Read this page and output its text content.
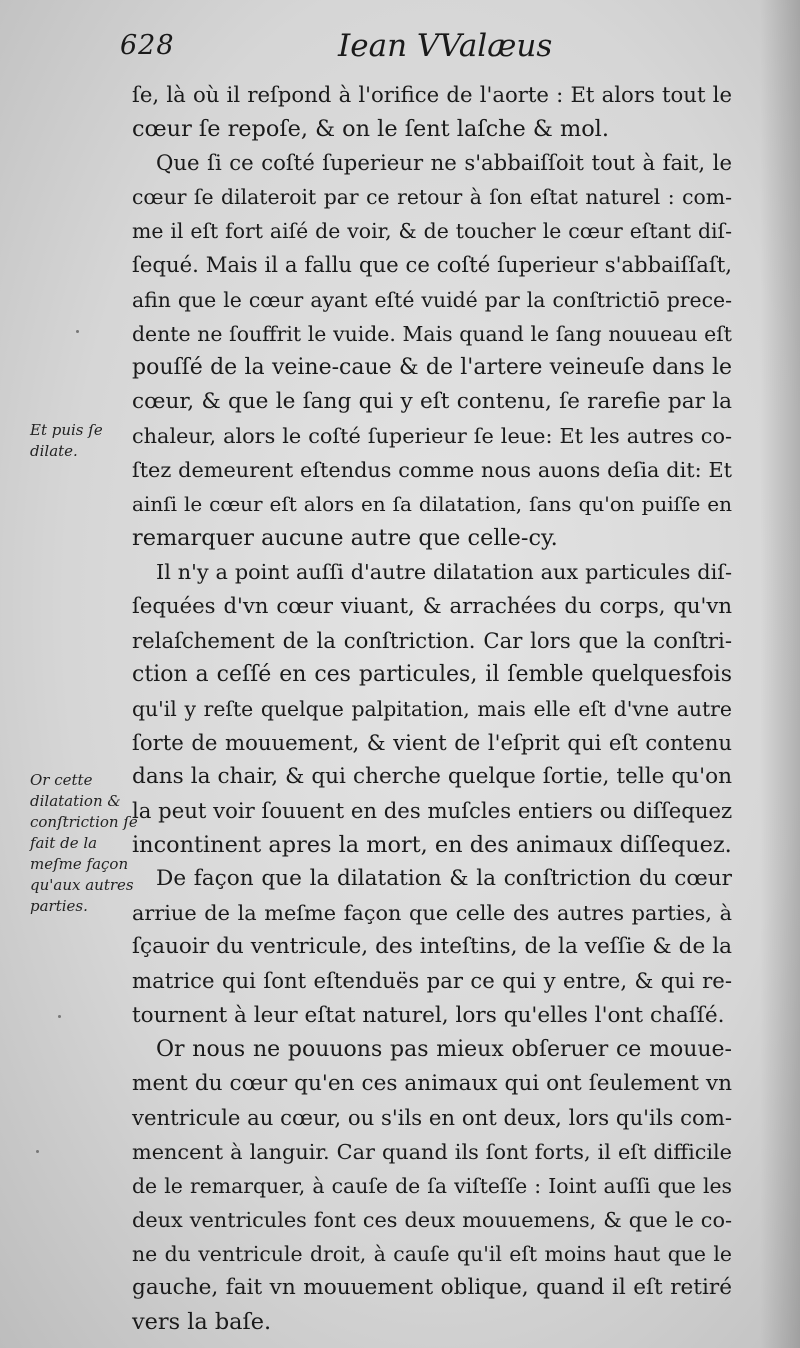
628	Iean VValæus
ſe, là où il reſpond à l'orifice de l'aorte : Et alors tout le
cœur ſe repoſe, & on le ſent laſche & mol.
Que ſi ce coſté ſuperieur ne s'abbaiſſoit tout à fait, le
cœur ſe dilateroit par ce retour à ſon eſtat naturel : com-
me il eſt fort aiſé de voir, & de toucher le cœur eſtant diſ-
ſequé. Mais il a fallu que ce coſté ſuperieur s'abbaiſſaſt,
afin que le cœur ayant eſté vuidé par la conſtrictiō prece-
dente ne ſouffrit le vuide. Mais quand le ſang nouueau eſt
pouſſé de la veine-caue & de l'artere veineuſe dans le
cœur, & que le ſang qui y eſt contenu, ſe rarefie par la
chaleur, alors le coſté ſuperieur ſe leue: Et les autres co-
ſtez demeurent eſtendus comme nous auons deſia dit: Et
ainſi le cœur eſt alors en ſa dilatation, ſans qu'on puiſſe en
remarquer aucune autre que celle-cy.
Il n'y a point auſſi d'autre dilatation aux particules diſ-
ſequées d'vn cœur viuant, & arrachées du corps, qu'vn
relaſchement de la conſtriction. Car lors que la conſtri-
ction a ceſſé en ces particules, il ſemble quelquesfois
qu'il y reſte quelque palpitation, mais elle eſt d'vne autre
ſorte de mouuement, & vient de l'eſprit qui eſt contenu
dans la chair, & qui cherche quelque ſortie, telle qu'on
la peut voir ſouuent en des muſcles entiers ou diſſequez
incontinent apres la mort, en des animaux diſſequez.
De façon que la dilatation & la conſtriction du cœur
arriue de la meſme façon que celle des autres parties, à
ſçauoir du ventricule, des inteſtins, de la veſſie & de la
matrice qui ſont eſtenduës par ce qui y entre, & qui re-
tournent à leur eſtat naturel, lors qu'elles l'ont chaſſé.
Or nous ne pouuons pas mieux obſeruer ce mouue-
ment du cœur qu'en ces animaux qui ont ſeulement vn
ventricule au cœur, ou s'ils en ont deux, lors qu'ils com-
mencent à languir. Car quand ils ſont forts, il eſt difficile
de le remarquer, à cauſe de ſa viſteſſe : Ioint auſſi que les
deux ventricules font ces deux mouuemens, & que le co-
ne du ventricule droit, à cauſe qu'il eſt moins haut que le
gauche, fait vn mouuement oblique, quand il eſt retiré
vers la baſe.
Et puis ſe dilate.
Or cette dilatation & conſtriction ſe fait de la meſme façon qu'aux autres parties.
